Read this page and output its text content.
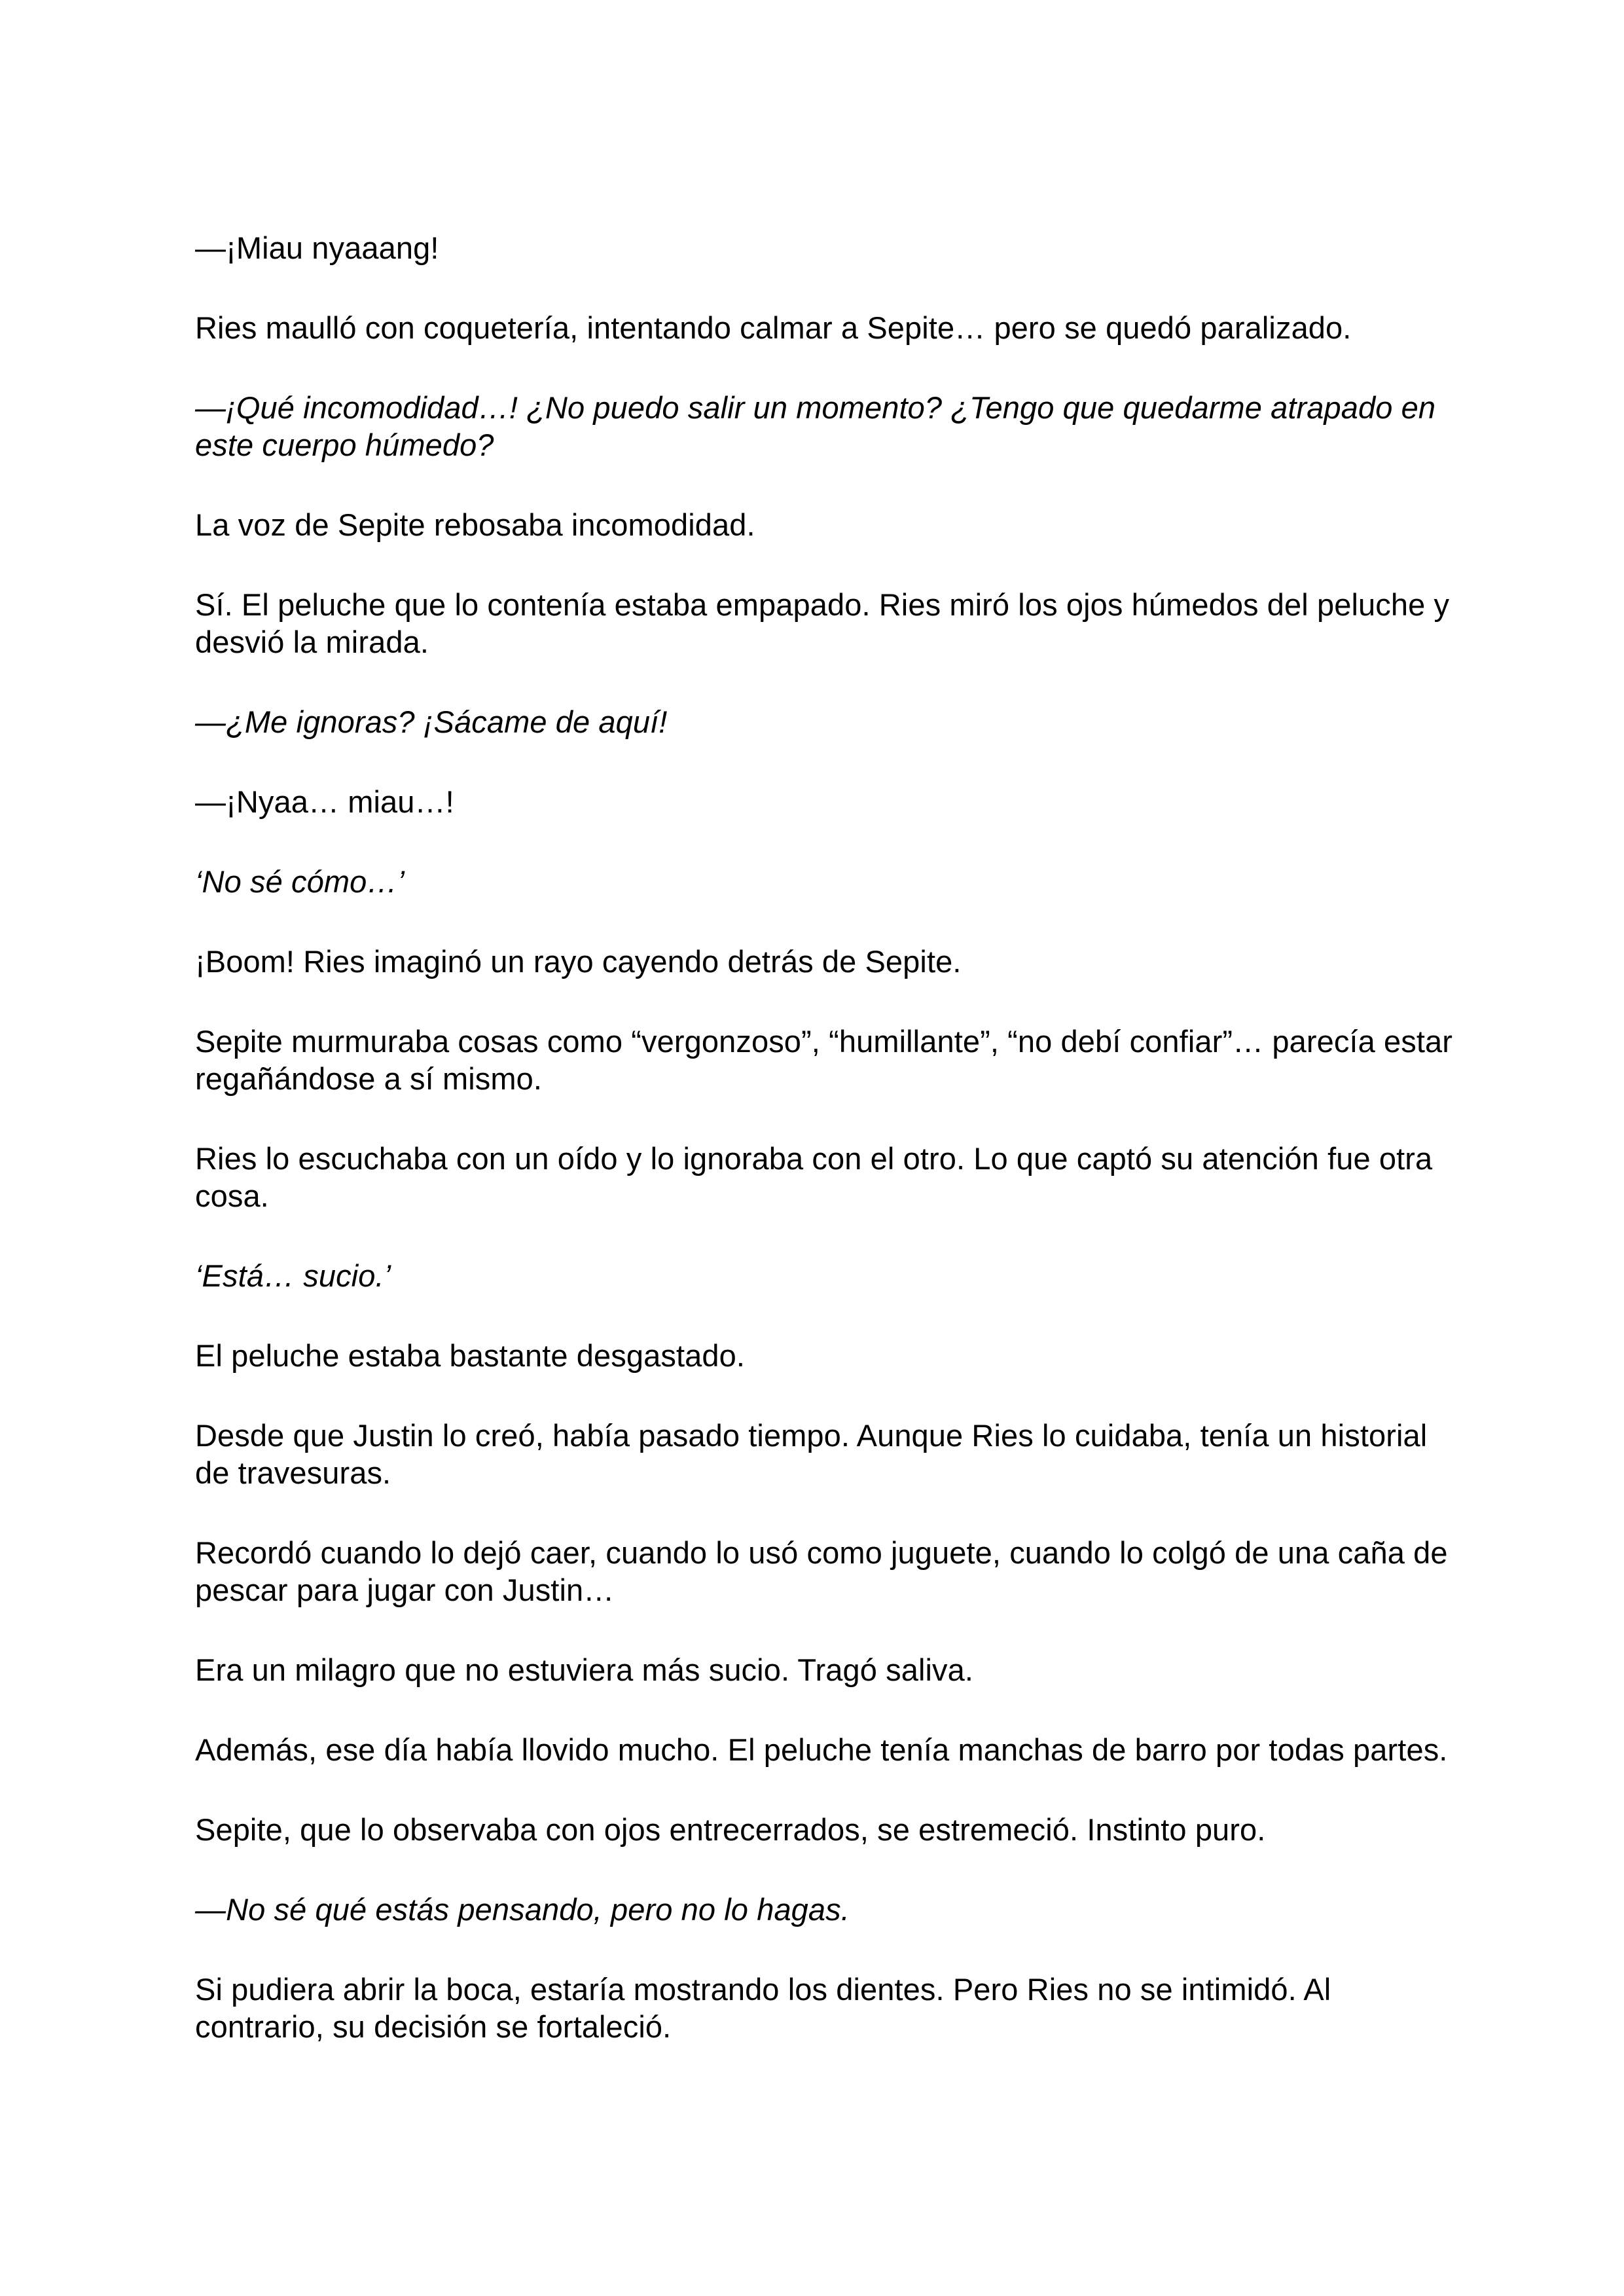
—¡Miau nyaaang!

Ries maulló con coquetería, intentando calmar a Sepite… pero se quedó paralizado.

—¡Qué incomodidad…! ¿No puedo salir un momento? ¿Tengo que quedarme atrapado en
este cuerpo húmedo?

La voz de Sepite rebosaba incomodidad.

Sí. El peluche que lo contenía estaba empapado. Ries miró los ojos húmedos del peluche y
desvió la mirada.

—¿Me ignoras? ¡Sácame de aquí!

—¡Nyaa… miau…!

‘No sé cómo…’

¡Boom! Ries imaginó un rayo cayendo detrás de Sepite.

Sepite murmuraba cosas como “vergonzoso”, “humillante”, “no debí confiar”… parecía estar
regañándose a sí mismo.

Ries lo escuchaba con un oído y lo ignoraba con el otro. Lo que captó su atención fue otra
cosa.

‘Está… sucio.’

El peluche estaba bastante desgastado.

Desde que Justin lo creó, había pasado tiempo. Aunque Ries lo cuidaba, tenía un historial
de travesuras.

Recordó cuando lo dejó caer, cuando lo usó como juguete, cuando lo colgó de una caña de
pescar para jugar con Justin…

Era un milagro que no estuviera más sucio. Tragó saliva.

Además, ese día había llovido mucho. El peluche tenía manchas de barro por todas partes.

Sepite, que lo observaba con ojos entrecerrados, se estremeció. Instinto puro.

—No sé qué estás pensando, pero no lo hagas.

Si pudiera abrir la boca, estaría mostrando los dientes. Pero Ries no se intimidó. Al
contrario, su decisión se fortaleció.
